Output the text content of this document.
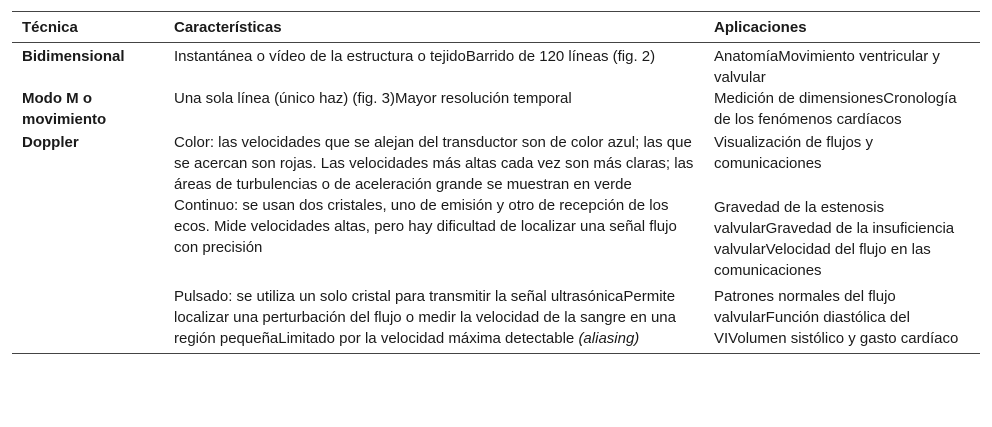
Técnica	Características	Aplicaciones
Bidimensional	Instantánea o vídeo de la estructura o tejidoBarrido de 120 líneas (fig. 2)	AnatomíaMovimiento ventricular y valvular
Modo M o movimiento	Una sola línea (único haz) (fig. 3)Mayor resolución temporal	Medición de dimensionesCronología de los fenómenos cardíacos
Doppler	Color: las velocidades que se alejan del transductor son de color azul; las que se acercan son rojas. Las velocidades más altas cada vez son más claras; las áreas de turbulencias o de aceleración grande se muestran en verde	Visualización de flujos y comunicaciones
	Continuo: se usan dos cristales, uno de emisión y otro de recepción de los ecos. Mide velocidades altas, pero hay dificultad de localizar una señal flujo con precisión	Gravedad de la estenosis valvularGravedad de la insuficiencia valvularVelocidad del flujo en las comunicaciones
	Pulsado: se utiliza un solo cristal para transmitir la señal ultrasónicaPermite localizar una perturbación del flujo o medir la velocidad de la sangre en una región pequeñaLimitado por la velocidad máxima detectable (aliasing)	Patrones normales del flujo valvularFunción diastólica del VIVolumen sistólico y gasto cardíaco
